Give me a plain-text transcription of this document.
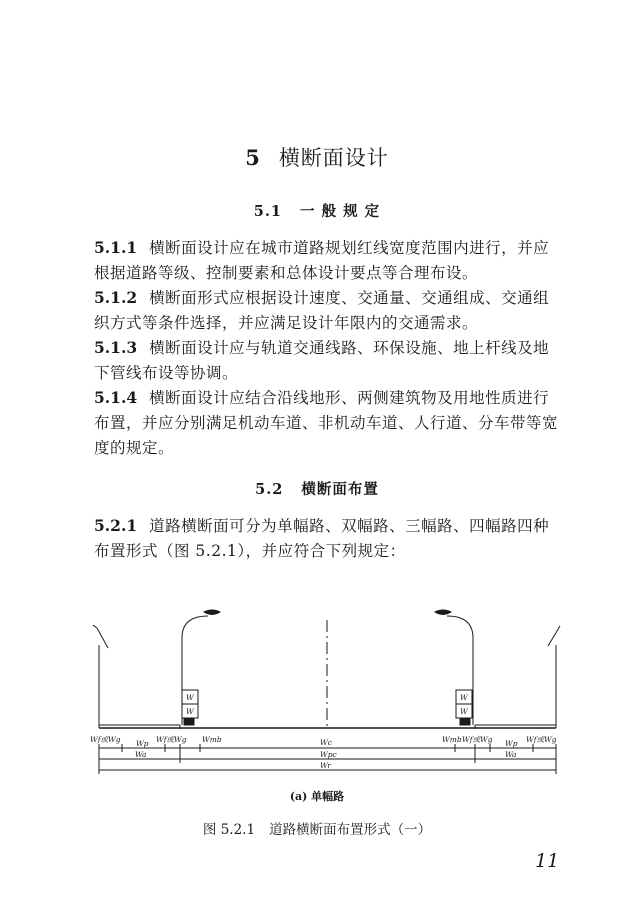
5 横断面设计
5.1 一 般 规 定
5.1.1 横断面设计应在城市道路规划红线宽度范围内进行，并应根据道路等级、控制要素和总体设计要点等合理布设。
5.1.2 横断面形式应根据设计速度、交通量、交通组成、交通组织方式等条件选择，并应满足设计年限内的交通需求。
5.1.3 横断面设计应与轨道交通线路、环保设施、地上杆线及地下管线布设等协调。
5.1.4 横断面设计应结合沿线地形、两侧建筑物及用地性质进行布置，并应分别满足机动车道、非机动车道、人行道、分车带等宽度的规定。
5.2 横断面布置
5.2.1 道路横断面可分为单幅路、双幅路、三幅路、四幅路四种布置形式（图 5.2.1），并应符合下列规定：
W
W
W
W
Wf或Wg Wp Wf或Wg Wmb	Wc	Wmb Wf或Wg Wp Wf或Wg
Wa	Wpc	Wa
Wr
(a) 单幅路
图 5.2.1 道路横断面布置形式（一）
11
